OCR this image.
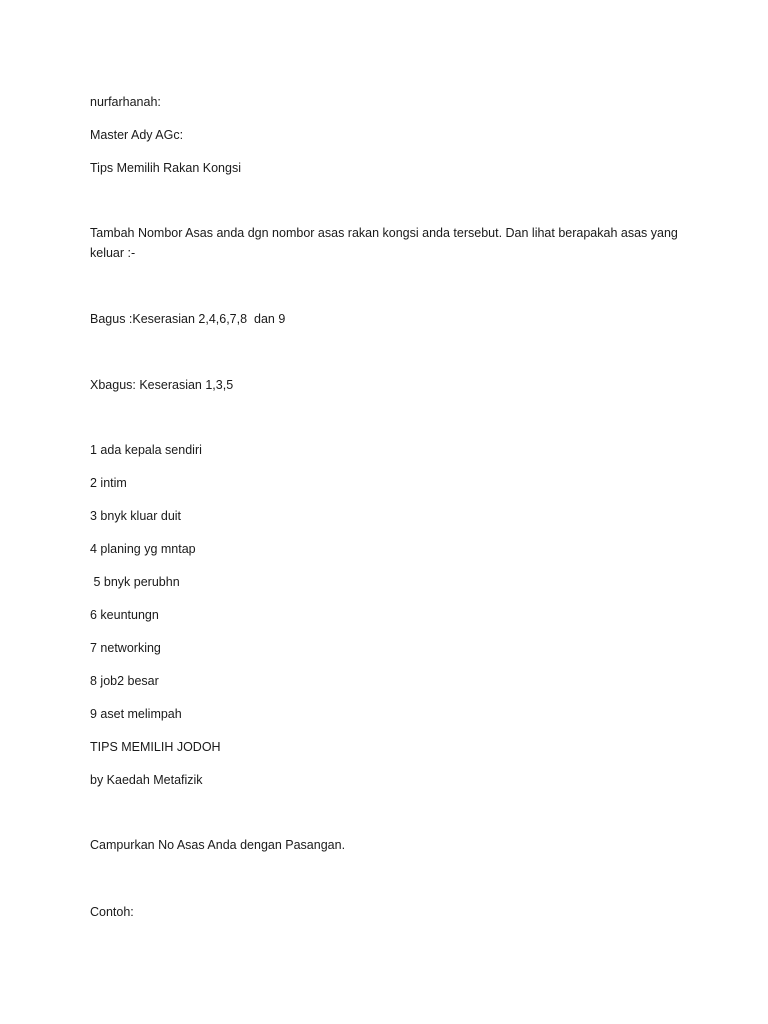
nurfarhanah:

Master Ady AGc:

Tips Memilih Rakan Kongsi

Tambah Nombor Asas anda dgn nombor asas rakan kongsi anda tersebut. Dan lihat berapakah asas yang keluar :-

Bagus :Keserasian 2,4,6,7,8  dan 9

Xbagus: Keserasian 1,3,5

1 ada kepala sendiri

2 intim

3 bnyk kluar duit

4 planing yg mntap

5 bnyk perubhn

6 keuntungn

7 networking

8 job2 besar

9 aset melimpah

TIPS MEMILIH JODOH

by Kaedah Metafizik

Campurkan No Asas Anda dengan Pasangan.

Contoh:
